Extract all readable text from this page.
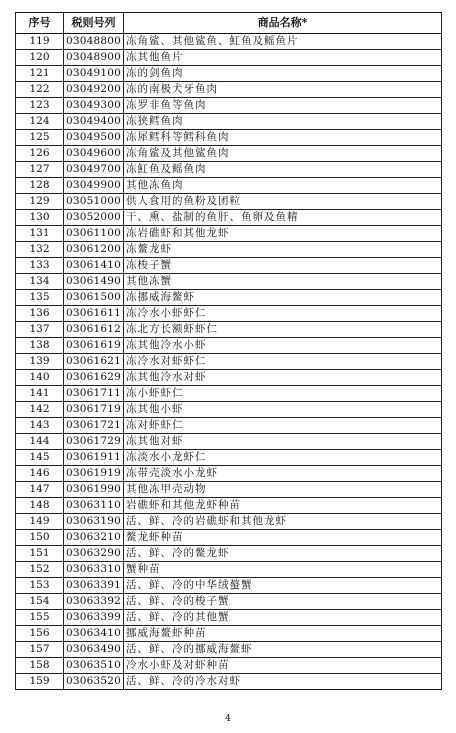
序号	税则号列	商品名称*
119	03048800	冻角鲨、其他鲨鱼、魟鱼及鳐鱼片
120	03048900	冻其他鱼片
121	03049100	冻的剑鱼肉
122	03049200	冻的南极犬牙鱼肉
123	03049300	冻罗非鱼等鱼肉
124	03049400	冻狭鳕鱼肉
125	03049500	冻犀鳕科等鳕科鱼肉
126	03049600	冻角鲨及其他鲨鱼肉
127	03049700	冻魟鱼及鳐鱼肉
128	03049900	其他冻鱼肉
129	03051000	供人食用的鱼粉及团粒
130	03052000	干、熏、盐制的鱼肝、鱼卵及鱼精
131	03061100	冻岩礁虾和其他龙虾
132	03061200	冻鳌龙虾
133	03061410	冻梭子蟹
134	03061490	其他冻蟹
135	03061500	冻挪威海鳌虾
136	03061611	冻冷水小虾虾仁
137	03061612	冻北方长额虾虾仁
138	03061619	冻其他冷水小虾
139	03061621	冻冷水对虾虾仁
140	03061629	冻其他冷水对虾
141	03061711	冻小虾虾仁
142	03061719	冻其他小虾
143	03061721	冻对虾虾仁
144	03061729	冻其他对虾
145	03061911	冻淡水小龙虾仁
146	03061919	冻带壳淡水小龙虾
147	03061990	其他冻甲壳动物
148	03063110	岩礁虾和其他龙虾种苗
149	03063190	活、鲜、冷的岩礁虾和其他龙虾
150	03063210	鳌龙虾种苗
151	03063290	活、鲜、冷的鳌龙虾
152	03063310	蟹种苗
153	03063391	活、鲜、冷的中华绒螯蟹
154	03063392	活、鲜、冷的梭子蟹
155	03063399	活、鲜、冷的其他蟹
156	03063410	挪威海鳌虾种苗
157	03063490	活、鲜、冷的挪威海鳌虾
158	03063510	冷水小虾及对虾种苗
159	03063520	活、鲜、冷的冷水对虾
4
